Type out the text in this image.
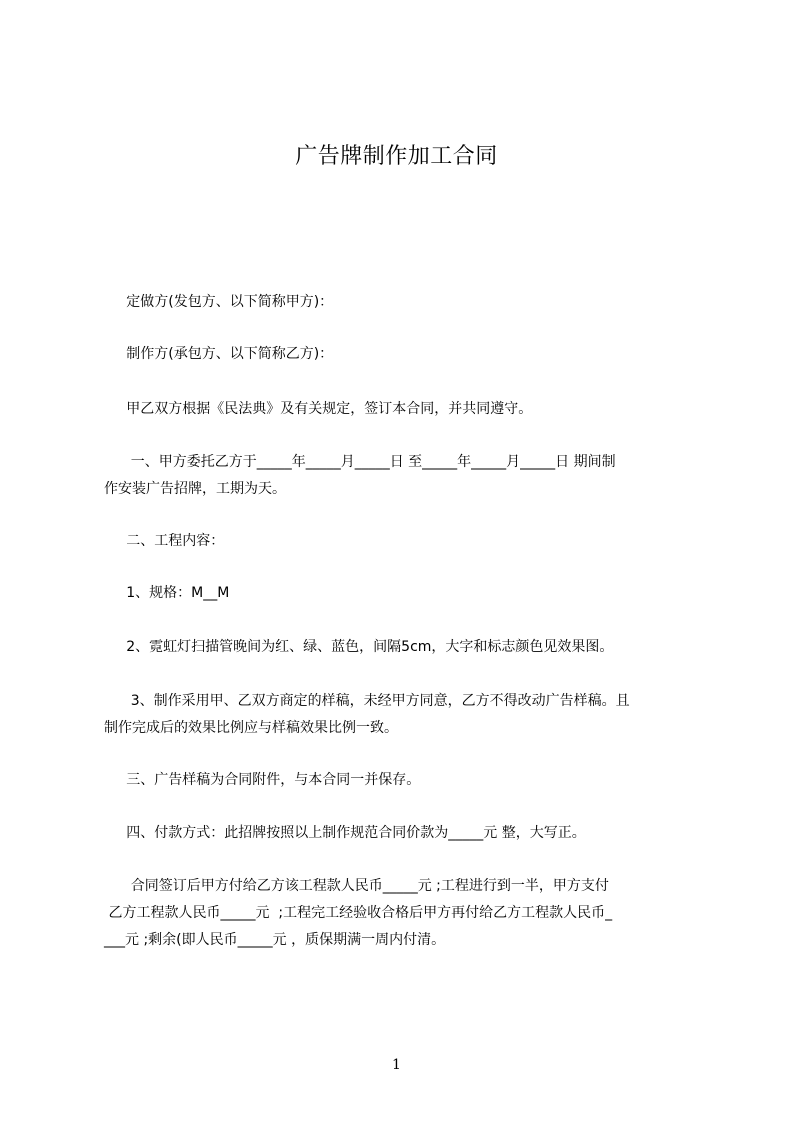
广告牌制作加工合同
定做方(发包方、以下简称甲方)：
制作方(承包方、以下简称乙方)：
甲乙双方根据《民法典》及有关规定，签订本合同，并共同遵守。
一、甲方委托乙方于_____年_____月_____日 至_____年_____月_____日 期间制
作安装广告招牌，工期为天。
二、工程内容：
1、规格：M__M
2、霓虹灯扫描管晚间为红、绿、蓝色，间隔5cm，大字和标志颜色见效果图。
3、制作采用甲、乙双方商定的样稿，未经甲方同意，乙方不得改动广告样稿。且
制作完成后的效果比例应与样稿效果比例一致。
三、广告样稿为合同附件，与本合同一并保存。
四、付款方式：此招牌按照以上制作规范合同价款为_____元 整，大写正。
合同签订后甲方付给乙方该工程款人民币_____元 ;工程进行到一半，甲方支付
乙方工程款人民币_____元  ;工程完工经验收合格后甲方再付给乙方工程款人民币_
___元 ;剩余(即人民币_____元 ，质保期满一周内付清。
1
